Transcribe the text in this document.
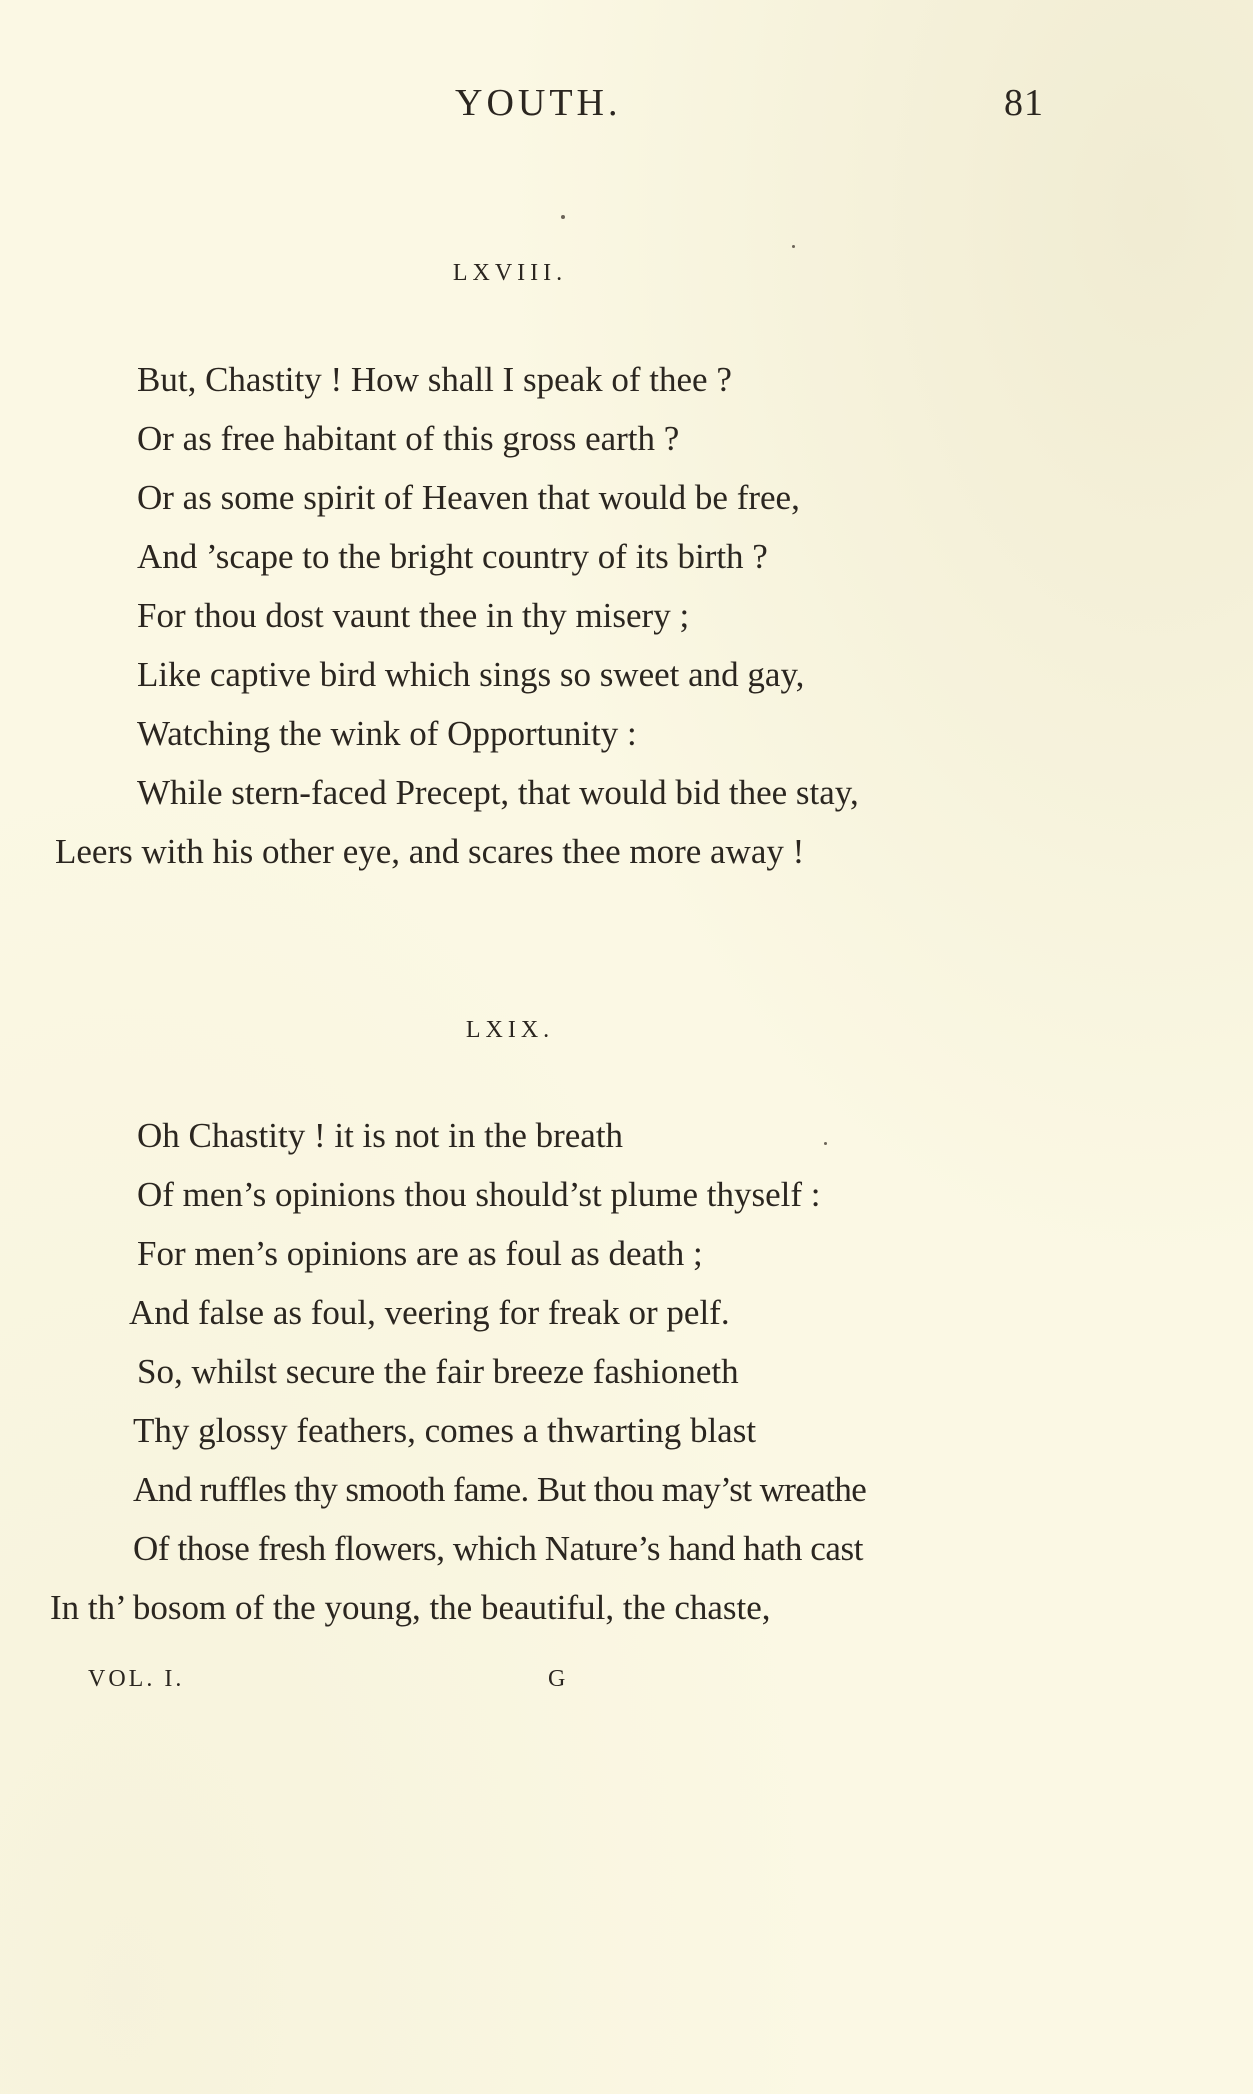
YOUTH.	81
LXVIII.
But, Chastity ! How shall I speak of thee ?
Or as free habitant of this gross earth ?
Or as some spirit of Heaven that would be free,
And ’scape to the bright country of its birth ?
For thou dost vaunt thee in thy misery ;
Like captive bird which sings so sweet and gay,
Watching the wink of Opportunity :
While stern-faced Precept, that would bid thee stay,
Leers with his other eye, and scares thee more away !
LXIX.
Oh Chastity ! it is not in the breath
Of men’s opinions thou should’st plume thyself :
For men’s opinions are as foul as death ;
And false as foul, veering for freak or pelf.
So, whilst secure the fair breeze fashioneth
Thy glossy feathers, comes a thwarting blast
And ruffles thy smooth fame. But thou may’st wreathe
Of those fresh flowers, which Nature’s hand hath cast
In th’ bosom of the young, the beautiful, the chaste,
VOL. I.	G
